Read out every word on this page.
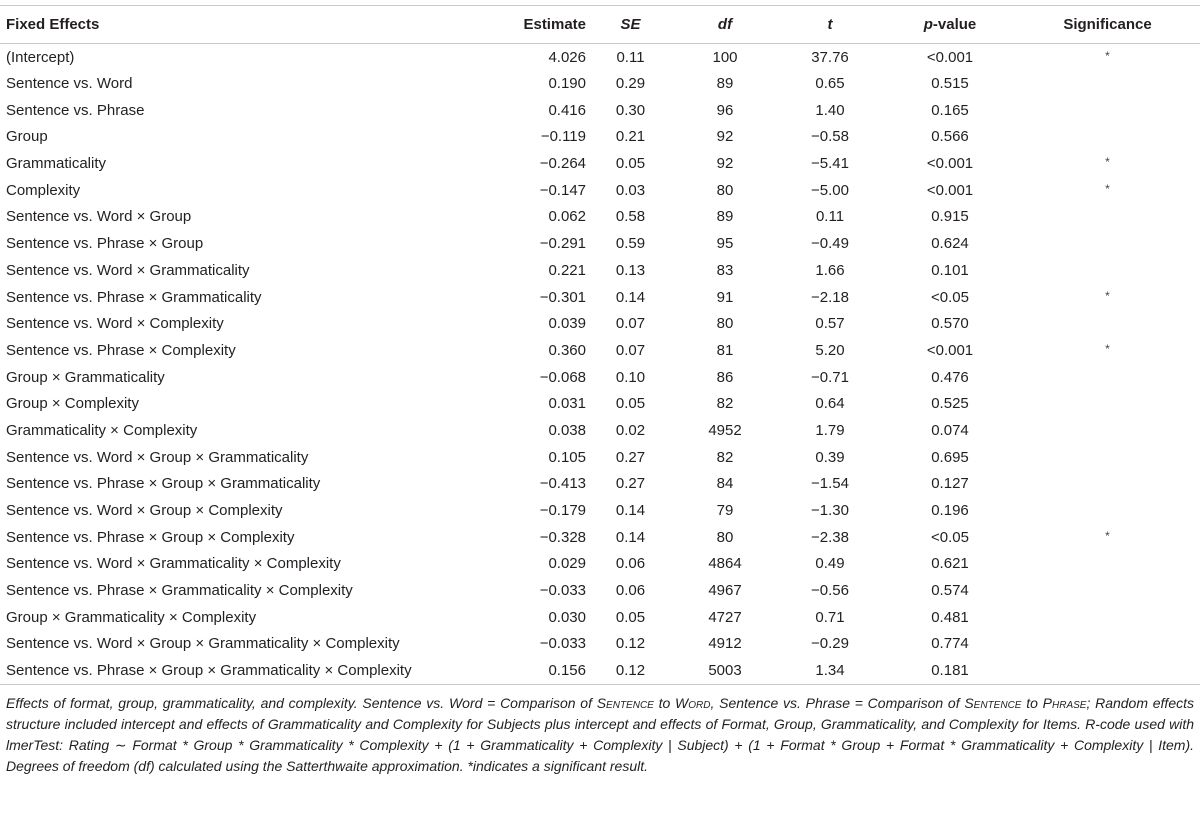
Fixed Effects	Estimate	SE	df	t	p-value	Significance
(Intercept)	4.026	0.11	100	37.76	<0.001	*
Sentence vs. Word	0.190	0.29	89	0.65	0.515	
Sentence vs. Phrase	0.416	0.30	96	1.40	0.165	
Group	−0.119	0.21	92	−0.58	0.566	
Grammaticality	−0.264	0.05	92	−5.41	<0.001	*
Complexity	−0.147	0.03	80	−5.00	<0.001	*
Sentence vs. Word × Group	0.062	0.58	89	0.11	0.915	
Sentence vs. Phrase × Group	−0.291	0.59	95	−0.49	0.624	
Sentence vs. Word × Grammaticality	0.221	0.13	83	1.66	0.101	
Sentence vs. Phrase × Grammaticality	−0.301	0.14	91	−2.18	<0.05	*
Sentence vs. Word × Complexity	0.039	0.07	80	0.57	0.570	
Sentence vs. Phrase × Complexity	0.360	0.07	81	5.20	<0.001	*
Group × Grammaticality	−0.068	0.10	86	−0.71	0.476	
Group × Complexity	0.031	0.05	82	0.64	0.525	
Grammaticality × Complexity	0.038	0.02	4952	1.79	0.074	
Sentence vs. Word × Group × Grammaticality	0.105	0.27	82	0.39	0.695	
Sentence vs. Phrase × Group × Grammaticality	−0.413	0.27	84	−1.54	0.127	
Sentence vs. Word × Group × Complexity	−0.179	0.14	79	−1.30	0.196	
Sentence vs. Phrase × Group × Complexity	−0.328	0.14	80	−2.38	<0.05	*
Sentence vs. Word × Grammaticality × Complexity	0.029	0.06	4864	0.49	0.621	
Sentence vs. Phrase × Grammaticality × Complexity	−0.033	0.06	4967	−0.56	0.574	
Group × Grammaticality × Complexity	0.030	0.05	4727	0.71	0.481	
Sentence vs. Word × Group × Grammaticality × Complexity	−0.033	0.12	4912	−0.29	0.774	
Sentence vs. Phrase × Group × Grammaticality × Complexity	0.156	0.12	5003	1.34	0.181	
Effects of format, group, grammaticality, and complexity. Sentence vs. Word = Comparison of Sentence to Word, Sentence vs. Phrase = Comparison of Sentence to Phrase; Random effects structure included intercept and effects of Grammaticality and Complexity for Subjects plus intercept and effects of Format, Group, Grammaticality, and Complexity for Items. R-code used with lmerTest: Rating ∼ Format * Group * Grammaticality * Complexity + (1 + Grammaticality + Complexity | Subject) + (1 + Format * Group + Format * Grammaticality + Complexity | Item). Degrees of freedom (df) calculated using the Satterthwaite approximation. *indicates a significant result.
